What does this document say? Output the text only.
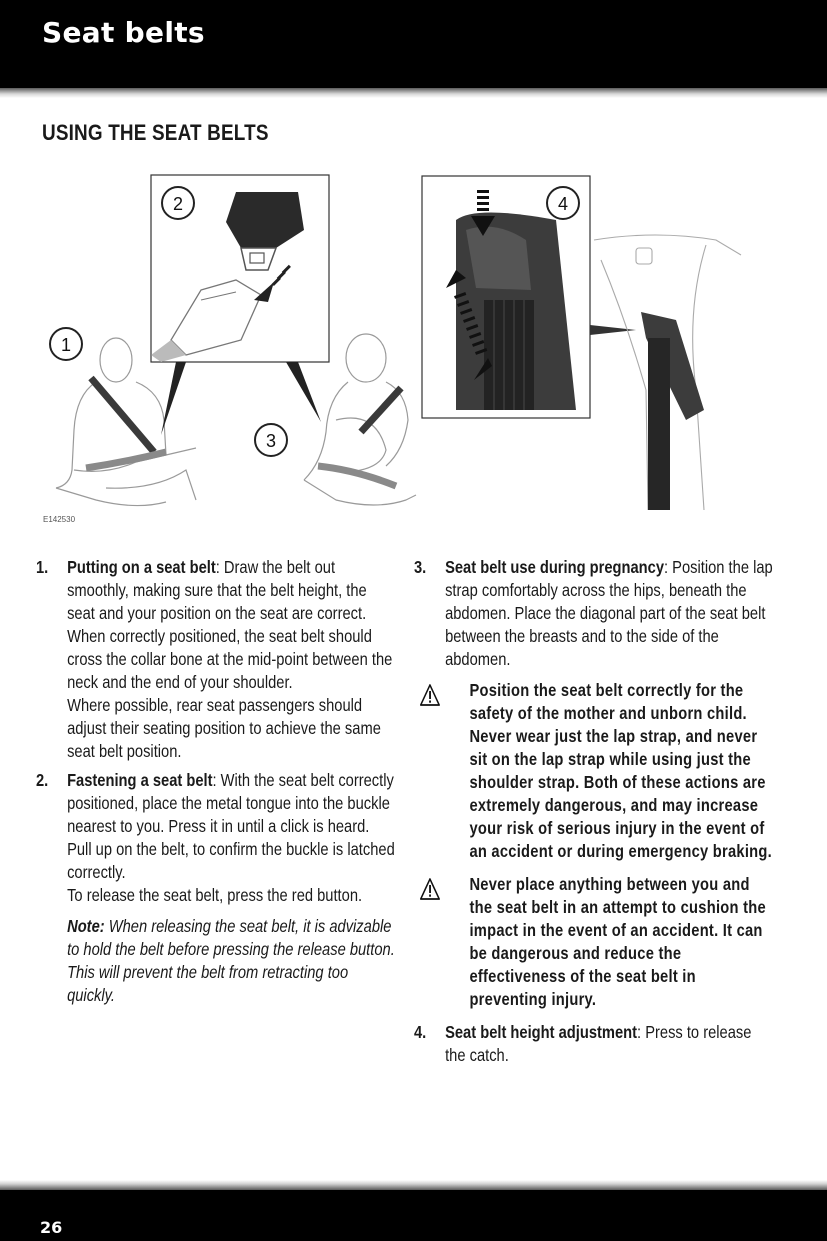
Seat belts
USING THE SEAT BELTS
1
2
3
4
E142530
1. Putting on a seat belt: Draw the belt out smoothly, making sure that the belt height, the seat and your position on the seat are correct.

When correctly positioned, the seat belt should cross the collar bone at the mid-point between the neck and the end of your shoulder.

Where possible, rear seat passengers should adjust their seating position to achieve the same seat belt position.

2. Fastening a seat belt: With the seat belt correctly positioned, place the metal tongue into the buckle nearest to you. Press it in until a click is heard.

Pull up on the belt, to confirm the buckle is latched correctly.

To release the seat belt, press the red button.

Note: When releasing the seat belt, it is advizable to hold the belt before pressing the release button. This will prevent the belt from retracting too quickly.

3. Seat belt use during pregnancy: Position the lap strap comfortably across the hips, beneath the abdomen. Place the diagonal part of the seat belt between the breasts and to the side of the abdomen.

Position the seat belt correctly for the safety of the mother and unborn child. Never wear just the lap strap, and never sit on the lap strap while using just the shoulder strap. Both of these actions are extremely dangerous, and may increase your risk of serious injury in the event of an accident or during emergency braking.
Never place anything between you and the seat belt in an attempt to cushion the impact in the event of an accident. It can be dangerous and reduce the effectiveness of the seat belt in preventing injury.
4. Seat belt height adjustment: Press to release the catch.

26
